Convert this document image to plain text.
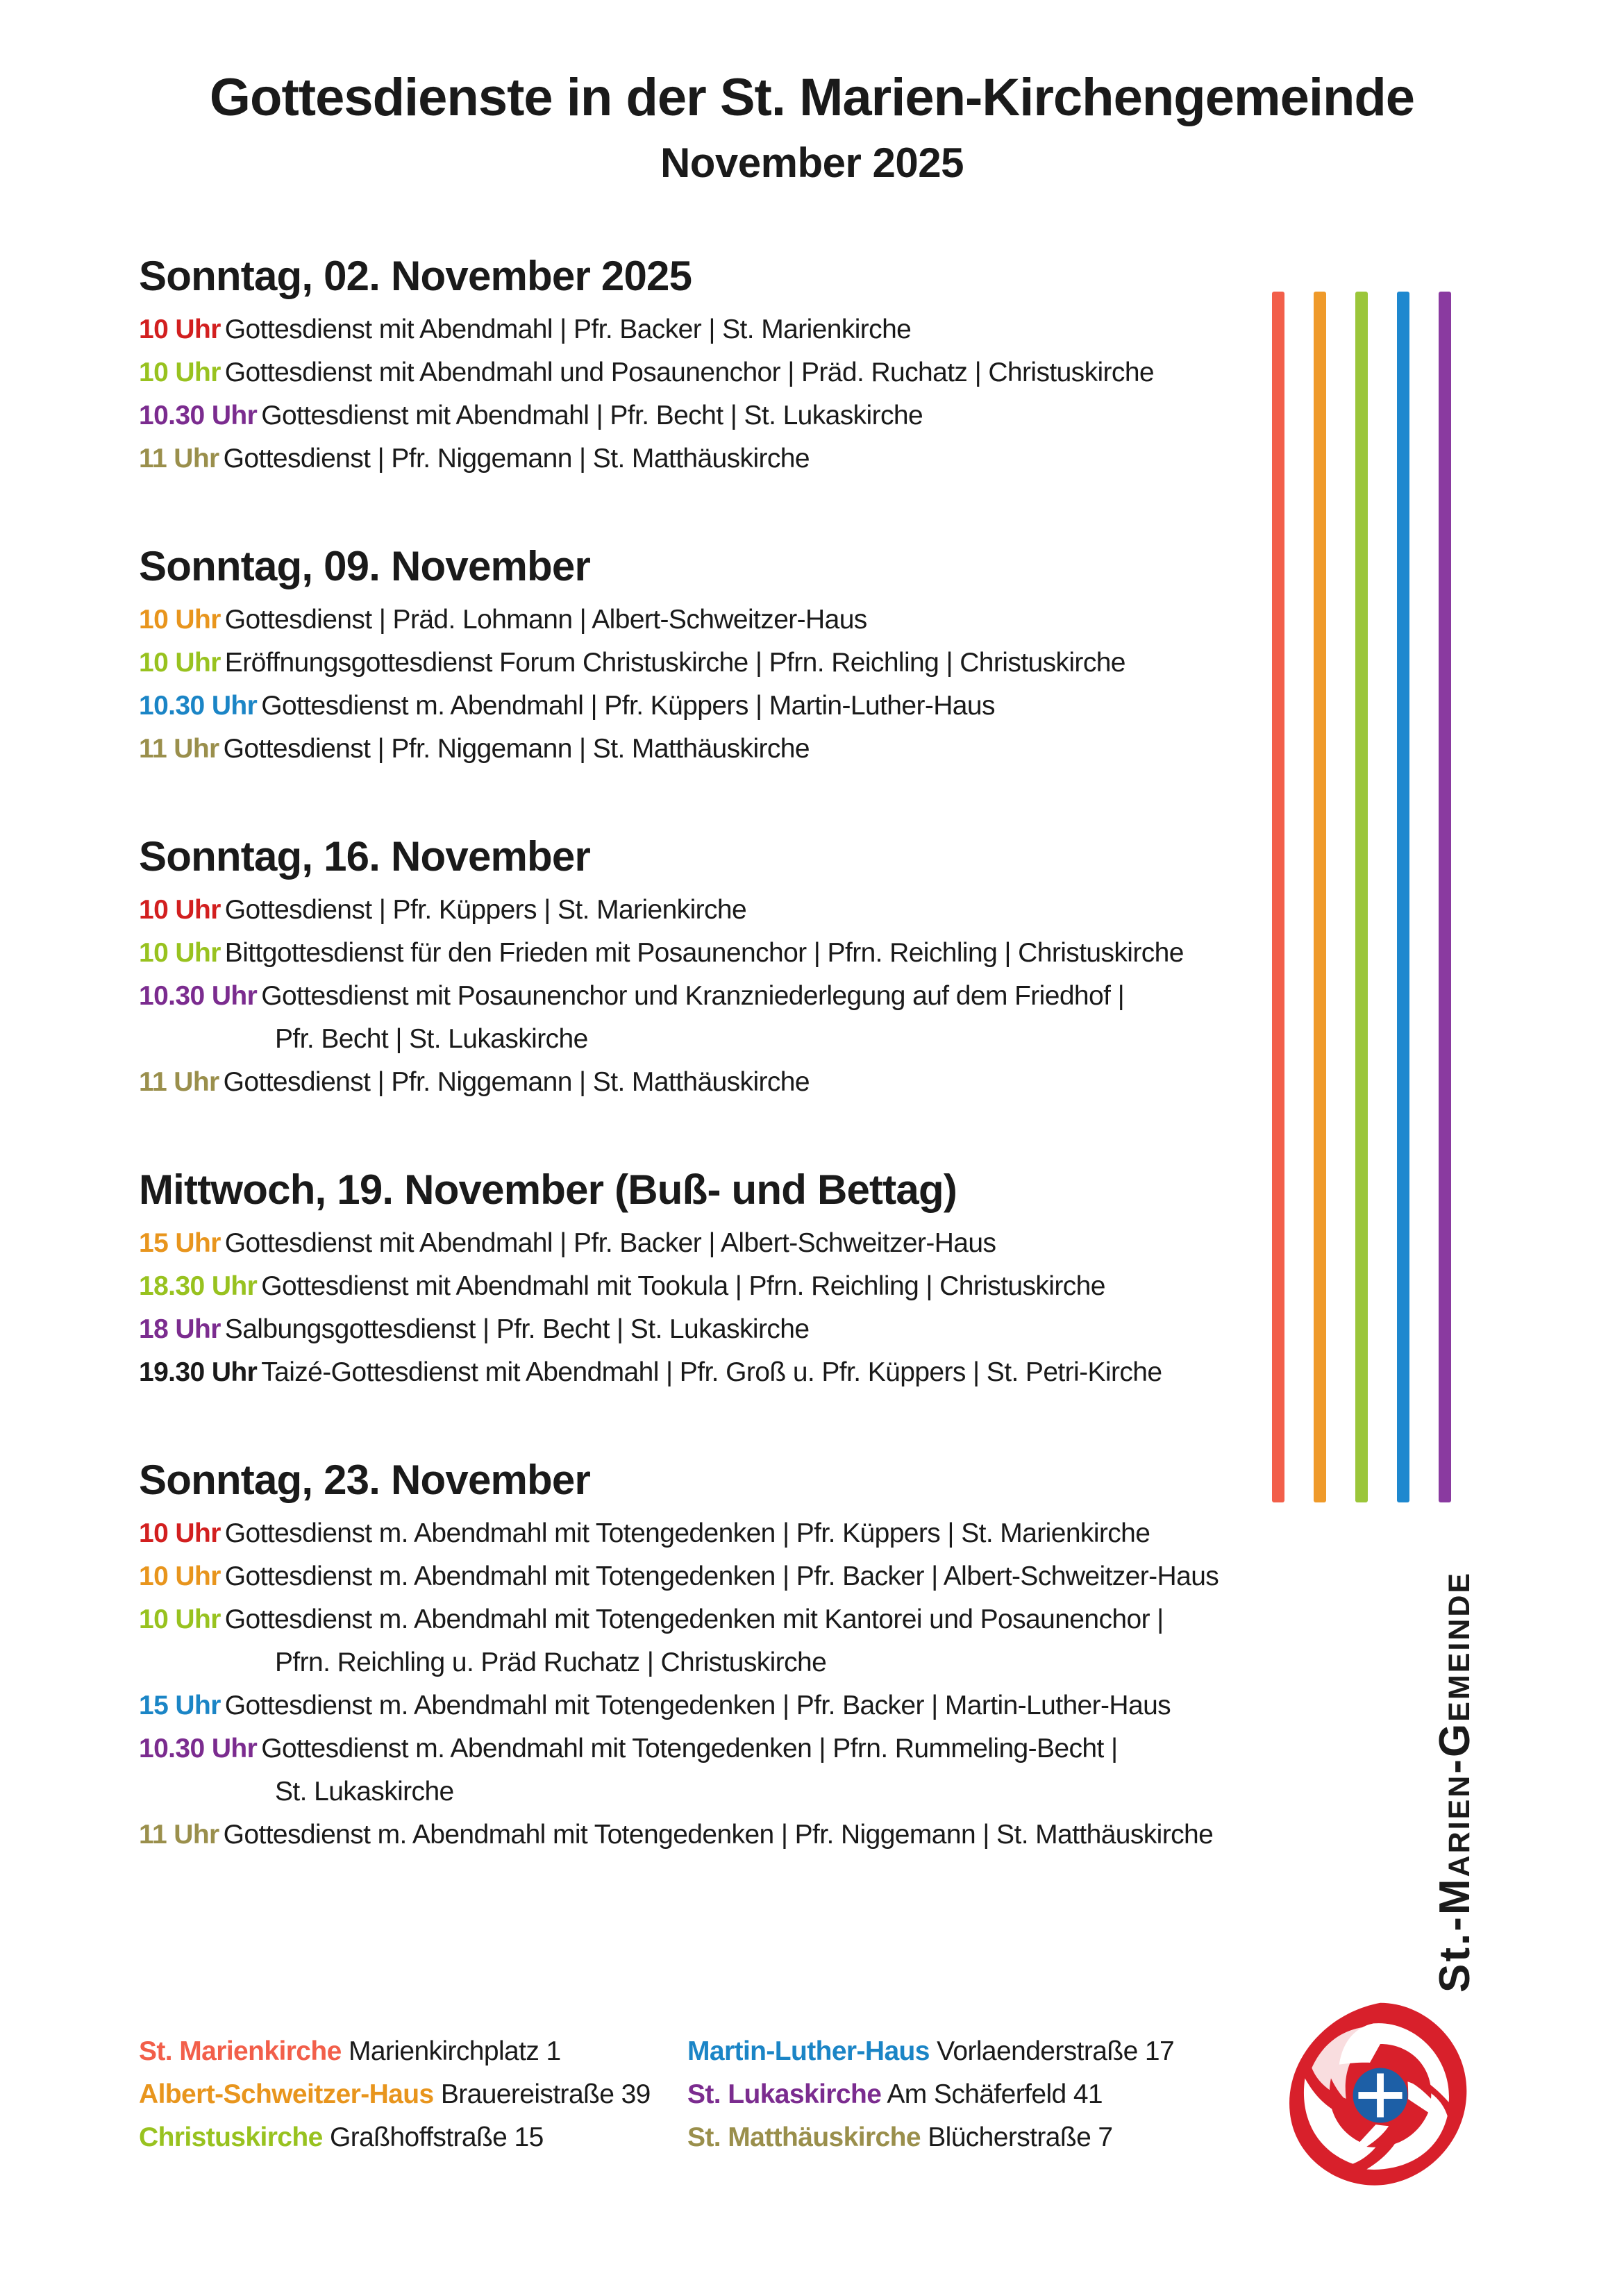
Gottesdienste in der St. Marien-Kirchengemeinde
November 2025
Sonntag, 02. November 2025
10 Uhr Gottesdienst mit Abendmahl | Pfr. Backer | St. Marienkirche
10 Uhr Gottesdienst mit Abendmahl und Posaunenchor | Präd. Ruchatz | Christuskirche
10.30 Uhr Gottesdienst mit Abendmahl | Pfr. Becht | St. Lukaskirche
11 Uhr Gottesdienst | Pfr. Niggemann | St. Matthäuskirche
Sonntag, 09. November
10 Uhr Gottesdienst | Präd. Lohmann | Albert-Schweitzer-Haus
10 Uhr Eröffnungsgottesdienst Forum Christuskirche | Pfrn. Reichling | Christuskirche
10.30 Uhr Gottesdienst m. Abendmahl | Pfr. Küppers | Martin-Luther-Haus
11 Uhr Gottesdienst | Pfr. Niggemann | St. Matthäuskirche
Sonntag, 16. November
10 Uhr Gottesdienst | Pfr. Küppers | St. Marienkirche
10 Uhr Bittgottesdienst für den Frieden mit Posaunenchor | Pfrn. Reichling | Christuskirche
10.30 Uhr Gottesdienst mit Posaunenchor und Kranzniederlegung auf dem Friedhof |
Pfr. Becht | St. Lukaskirche
11 Uhr Gottesdienst | Pfr. Niggemann | St. Matthäuskirche
Mittwoch, 19. November (Buß- und Bettag)
15 Uhr Gottesdienst mit Abendmahl | Pfr. Backer | Albert-Schweitzer-Haus
18.30 Uhr Gottesdienst mit Abendmahl mit Tookula | Pfrn. Reichling | Christuskirche
18 Uhr Salbungsgottesdienst | Pfr. Becht | St. Lukaskirche
19.30 Uhr Taizé-Gottesdienst mit Abendmahl | Pfr. Groß u. Pfr. Küppers | St. Petri-Kirche
Sonntag, 23. November
10 Uhr Gottesdienst m. Abendmahl mit Totengedenken | Pfr. Küppers | St. Marienkirche
10 Uhr Gottesdienst m. Abendmahl mit Totengedenken | Pfr. Backer | Albert-Schweitzer-Haus
10 Uhr Gottesdienst m. Abendmahl mit Totengedenken mit Kantorei und Posaunenchor |
Pfrn. Reichling u. Präd Ruchatz | Christuskirche
15 Uhr Gottesdienst m. Abendmahl mit Totengedenken | Pfr. Backer | Martin-Luther-Haus
10.30 Uhr Gottesdienst m. Abendmahl mit Totengedenken | Pfrn. Rummeling-Becht |
St. Lukaskirche
11 Uhr Gottesdienst m. Abendmahl mit Totengedenken | Pfr. Niggemann | St. Matthäuskirche
St.-Marien-Gemeinde
St. Marienkirche Marienkirchplatz 1
Albert-Schweitzer-Haus Brauereistraße 39
Christuskirche Graßhoffstraße 15
Martin-Luther-Haus Vorlaenderstraße 17
St. Lukaskirche Am Schäferfeld 41
St. Matthäuskirche Blücherstraße 7
